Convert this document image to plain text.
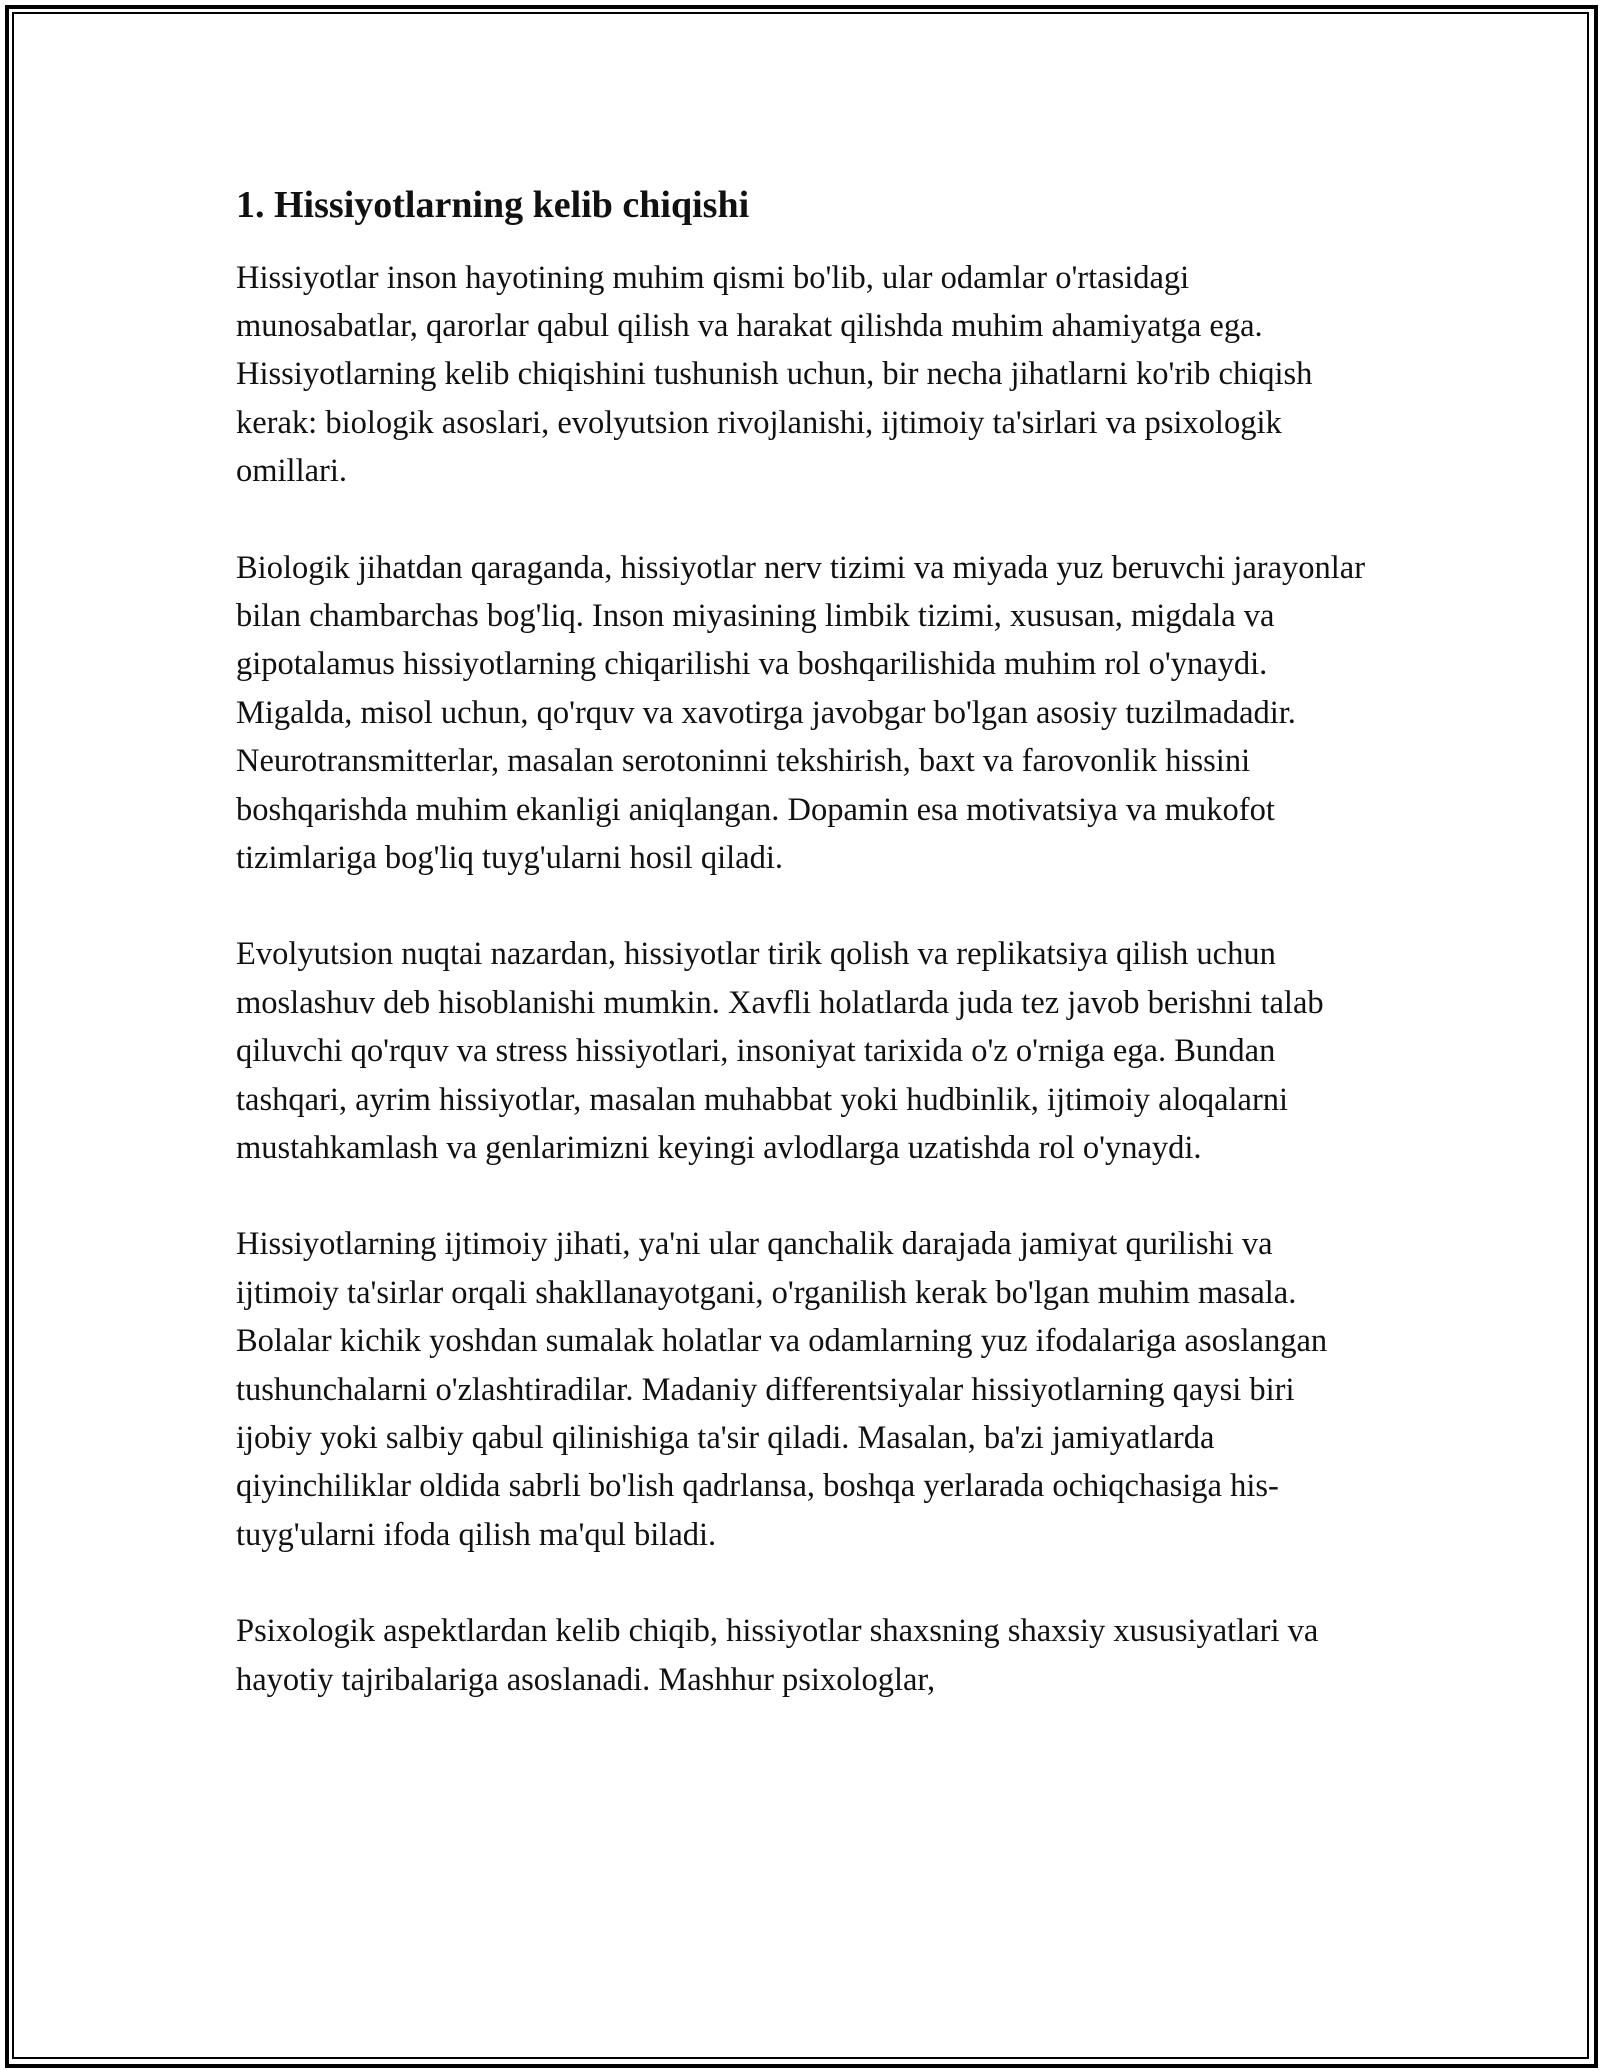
1. Hissiyotlarning kelib chiqishi

Hissiyotlar inson hayotining muhim qismi bo'lib, ular odamlar o'rtasidagi munosabatlar, qarorlar qabul qilish va harakat qilishda muhim ahamiyatga ega. Hissiyotlarning kelib chiqishini tushunish uchun, bir necha jihatlarni ko'rib chiqish kerak: biologik asoslari, evolyutsion rivojlanishi, ijtimoiy ta'sirlari va psixologik omillari.

Biologik jihatdan qaraganda, hissiyotlar nerv tizimi va miyada yuz beruvchi jarayonlar bilan chambarchas bog'liq. Inson miyasining limbik tizimi, xususan, migdala va gipotalamus hissiyotlarning chiqarilishi va boshqarilishida muhim rol o'ynaydi. Migalda, misol uchun, qo'rquv va xavotirga javobgar bo'lgan asosiy tuzilmadadir. Neurotransmitterlar, masalan serotoninni tekshirish, baxt va farovonlik hissini boshqarishda muhim ekanligi aniqlangan. Dopamin esa motivatsiya va mukofot tizimlariga bog'liq tuyg'ularni hosil qiladi.

Evolyutsion nuqtai nazardan, hissiyotlar tirik qolish va replikatsiya qilish uchun moslashuv deb hisoblanishi mumkin. Xavfli holatlarda juda tez javob berishni talab qiluvchi qo'rquv va stress hissiyotlari, insoniyat tarixida o'z o'rniga ega. Bundan tashqari, ayrim hissiyotlar, masalan muhabbat yoki hudbinlik, ijtimoiy aloqalarni mustahkamlash va genlarimizni keyingi avlodlarga uzatishda rol o'ynaydi.

Hissiyotlarning ijtimoiy jihati, ya'ni ular qanchalik darajada jamiyat qurilishi va ijtimoiy ta'sirlar orqali shakllanayotgani, o'rganilish kerak bo'lgan muhim masala. Bolalar kichik yoshdan sumalak holatlar va odamlarning yuz ifodalariga asoslangan tushunchalarni o'zlashtiradilar. Madaniy differentsiyalar hissiyotlarning qaysi biri ijobiy yoki salbiy qabul qilinishiga ta'sir qiladi. Masalan, ba'zi jamiyatlarda qiyinchiliklar oldida sabrli bo'lish qadrlansa, boshqa yerlarada ochiqchasiga his-tuyg'ularni ifoda qilish ma'qul biladi.

Psixologik aspektlardan kelib chiqib, hissiyotlar shaxsning shaxsiy xususiyatlari va hayotiy tajribalariga asoslanadi. Mashhur psixologlar,
